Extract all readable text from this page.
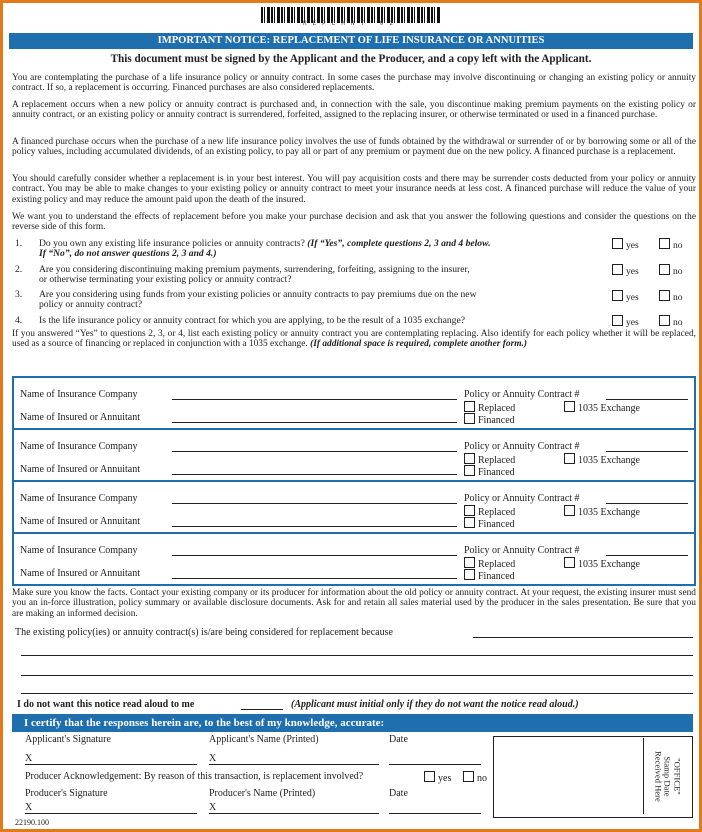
REPLMNT 02
IMPORTANT NOTICE: REPLACEMENT OF LIFE INSURANCE OR ANNUITIES
This document must be signed by the Applicant and the Producer, and a copy left with the Applicant.
You are contemplating the purchase of a life insurance policy or annuity contract. In some cases the purchase may involve discontinuing or changing an existing policy or annuity contract. If so, a replacement is occurring. Financed purchases are also considered replacements.
A replacement occurs when a new policy or annuity contract is purchased and, in connection with the sale, you discontinue making premium payments on the existing policy or annuity contract, or an existing policy or annuity contract is surrendered, forfeited, assigned to the replacing insurer, or otherwise terminated or used in a financed purchase.
A financed purchase occurs when the purchase of a new life insurance policy involves the use of funds obtained by the withdrawal or surrender of or by borrowing some or all of the policy values, including accumulated dividends, of an existing policy, to pay all or part of any premium or payment due on the new policy. A financed purchase is a replacement.
You should carefully consider whether a replacement is in your best interest. You will pay acquisition costs and there may be surrender costs deducted from your policy or annuity contract. You may be able to make changes to your existing policy or annuity contract to meet your insurance needs at less cost. A financed purchase will reduce the value of your existing policy and may reduce the amount paid upon the death of the insured.
We want you to understand the effects of replacement before you make your purchase decision and ask that you answer the following questions and consider the questions on the reverse side of this form.
1. Do you own any existing life insurance policies or annuity contracts? (If “Yes”, complete questions 2, 3 and 4 below.
If “No”, do not answer questions 2, 3 and 4.)
yes	no
2. Are you considering discontinuing making premium payments, surrendering, forfeiting, assigning to the insurer,
or otherwise terminating your existing policy or annuity contract?
yes	no
3. Are you considering using funds from your existing policies or annuity contracts to pay premiums due on the new
policy or annuity contract?
yes	no
4. Is the life insurance policy or annuity contract for which you are applying, to be the result of a 1035 exchange?	yes	no
If you answered “Yes” to questions 2, 3, or 4, list each existing policy or annuity contract you are contemplating replacing. Also identify for each policy whether it will be replaced, used as a source of financing or replaced in conjunction with a 1035 exchange. (If additional space is required, complete another form.)
Name of Insurance Company
Name of Insured or Annuitant
Policy or Annuity Contract #
Replaced	1035 Exchange
Financed
Name of Insurance Company
Name of Insured or Annuitant
Policy or Annuity Contract #
Replaced	1035 Exchange
Financed
Name of Insurance Company
Name of Insured or Annuitant
Policy or Annuity Contract #
Replaced	1035 Exchange
Financed
Name of Insurance Company
Name of Insured or Annuitant
Policy or Annuity Contract #
Replaced	1035 Exchange
Financed
Make sure you know the facts. Contact your existing company or its producer for information about the old policy or annuity contract. At your request, the existing insurer must send you an in-force illustration, policy summary or available disclosure documents. Ask for and retain all sales material used by the producer in the sales presentation. Be sure that you are making an informed decision.
The existing policy(ies) or annuity contract(s) is/are being considered for replacement because
I do not want this notice read aloud to me	(Applicant must initial only if they do not want the notice read aloud.)
I certify that the responses herein are, to the best of my knowledge, accurate:
Applicant's Signature	Applicant's Name (Printed)	Date
X	X
Producer Acknowledgement: By reason of this transaction, is replacement involved?	yes	no
Producer's Signature	Producer's Name (Printed)	Date
X	X
"OFFICE"
Stamp Date
Received Here
22190.100
